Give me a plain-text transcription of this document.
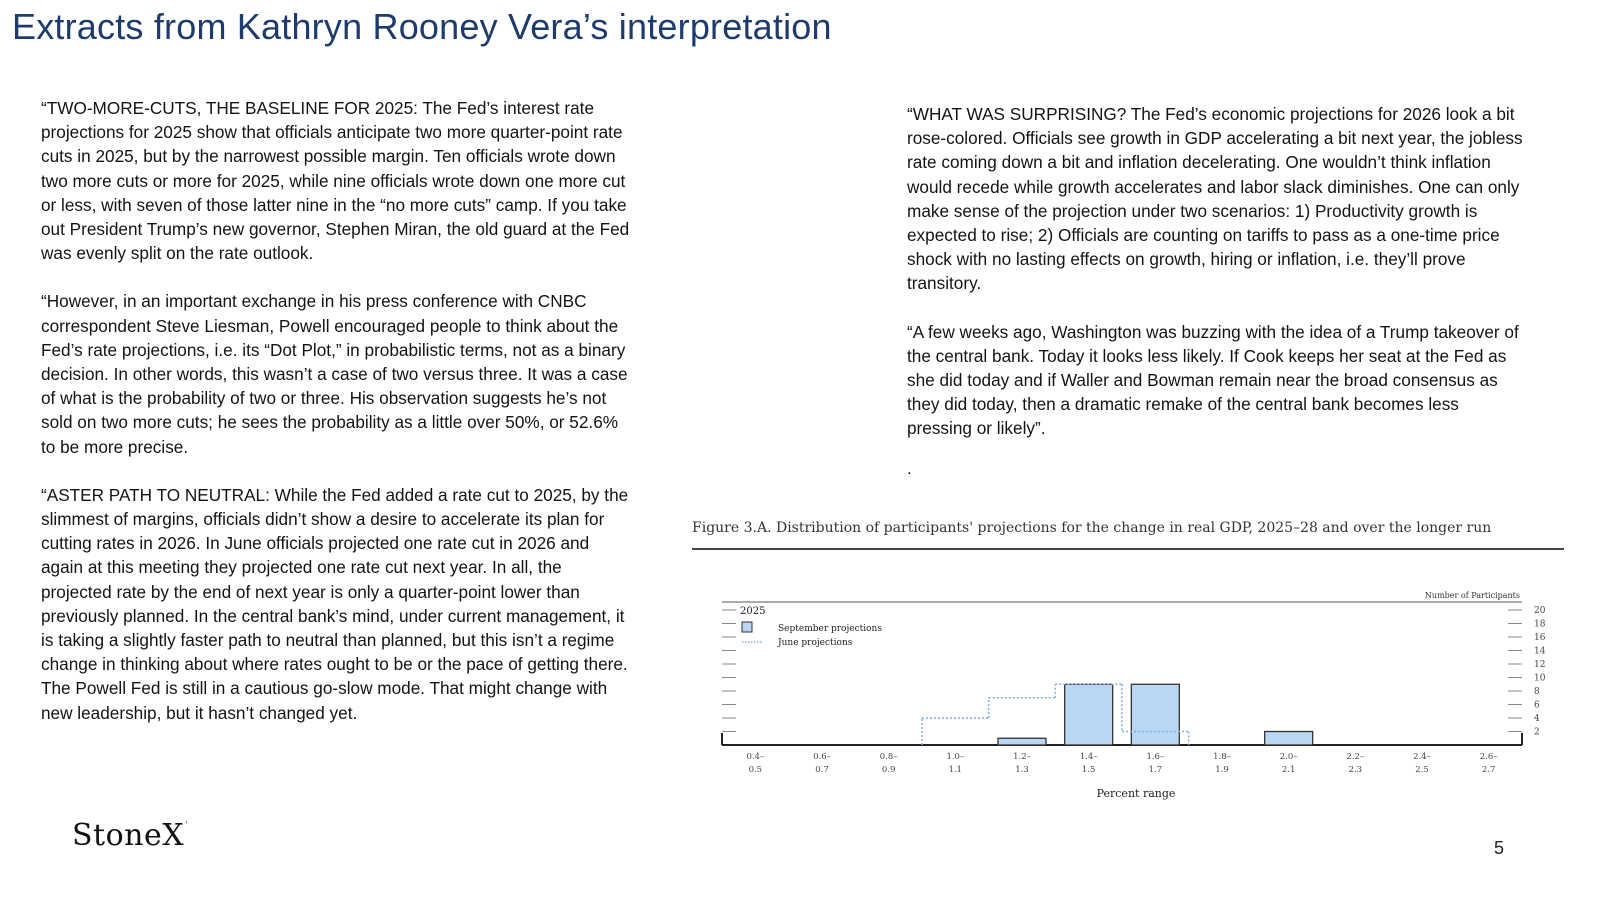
Extracts from Kathryn Rooney Vera’s interpretation

“TWO-MORE-CUTS, THE BASELINE FOR 2025: The Fed’s interest rate projections for 2025 show that officials anticipate two more quarter-point rate cuts in 2025, but by the narrowest possible margin. Ten officials wrote down two more cuts or more for 2025, while nine officials wrote down one more cut or less, with seven of those latter nine in the “no more cuts” camp. If you take out President Trump’s new governor, Stephen Miran, the old guard at the Fed was evenly split on the rate outlook.

“However, in an important exchange in his press conference with CNBC correspondent Steve Liesman, Powell encouraged people to think about the Fed’s rate projections, i.e. its “Dot Plot,” in probabilistic terms, not as a binary decision. In other words, this wasn’t a case of two versus three. It was a case of what is the probability of two or three. His observation suggests he’s not sold on two more cuts; he sees the probability as a little over 50%, or 52.6% to be more precise.

“ASTER PATH TO NEUTRAL: While the Fed added a rate cut to 2025, by the slimmest of margins, officials didn’t show a desire to accelerate its plan for cutting rates in 2026. In June officials projected one rate cut in 2026 and again at this meeting they projected one rate cut next year. In all, the projected rate by the end of next year is only a quarter-point lower than previously planned. In the central bank’s mind, under current management, it is taking a slightly faster path to neutral than planned, but this isn’t a regime change in thinking about where rates ought to be or the pace of getting there. The Powell Fed is still in a cautious go-slow mode. That might change with new leadership, but it hasn’t changed yet.

“WHAT WAS SURPRISING? The Fed’s economic projections for 2026 look a bit rose-colored. Officials see growth in GDP accelerating a bit next year, the jobless rate coming down a bit and inflation decelerating. One wouldn’t think inflation would recede while growth accelerates and labor slack diminishes. One can only make sense of the projection under two scenarios: 1) Productivity growth is expected to rise; 2) Officials are counting on tariffs to pass as a one-time price shock with no lasting effects on growth, hiring or inflation, i.e. they’ll prove transitory.

“A few weeks ago, Washington was buzzing with the idea of a Trump takeover of the central bank. Today it looks less likely. If Cook keeps her seat at the Fed as she did today and if Waller and Bowman remain near the broad consensus as they did today, then a dramatic remake of the central bank becomes less pressing or likely”.

.
Figure 3.A. Distribution of participants' projections for the change in real GDP, 2025–28 and over the longer run
2
4
6
8
10
12
14
16
18
20
Number of Participants
2025
September projections
June projections
0.4– 0.5
0.6– 0.7
0.8– 0.9
1.0– 1.1
1.2– 1.3
1.4– 1.5
1.6– 1.7
1.8– 1.9
2.0– 2.1
2.2– 2.3
2.4– 2.5
2.6– 2.7
Percent range
StoneX·
5
